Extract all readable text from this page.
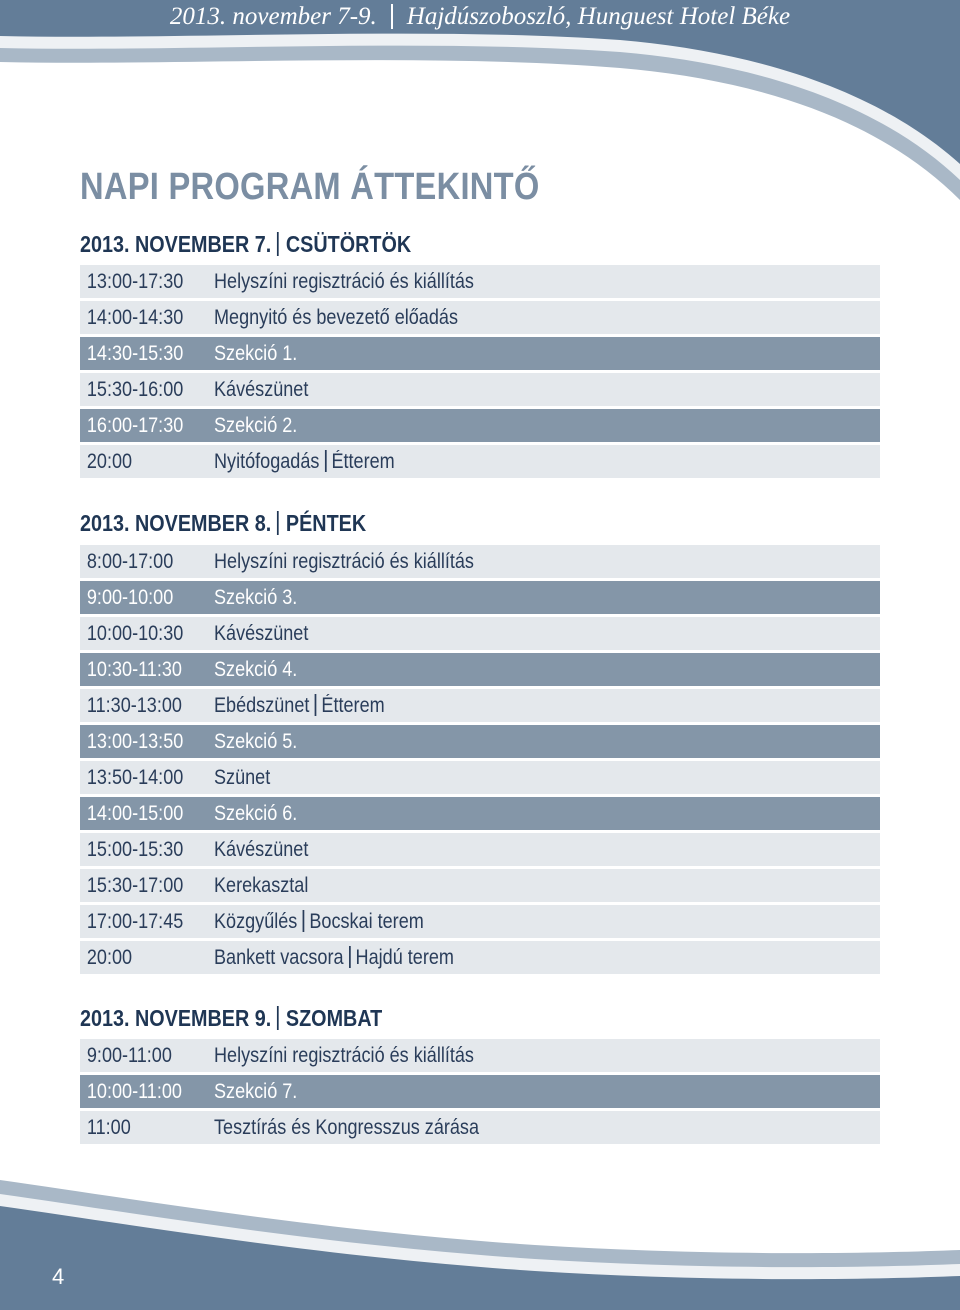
2013. november 7-9. Hajdúszoboszló, Hunguest Hotel Béke
NAPI PROGRAM ÁTTEKINTŐ
2013. NOVEMBER 7. CSÜTÖRTÖK
13:00-17:30	Helyszíni regisztráció és kiállítás
14:00-14:30	Megnyitó és bevezető előadás
14:30-15:30	Szekció 1.
15:30-16:00	Kávészünet
16:00-17:30	Szekció 2.
20:00	Nyitófogadás Étterem
2013. NOVEMBER 8. PÉNTEK
8:00-17:00	Helyszíni regisztráció és kiállítás
9:00-10:00	Szekció 3.
10:00-10:30	Kávészünet
10:30-11:30	Szekció 4.
11:30-13:00	Ebédszünet Étterem
13:00-13:50	Szekció 5.
13:50-14:00	Szünet
14:00-15:00	Szekció 6.
15:00-15:30	Kávészünet
15:30-17:00	Kerekasztal
17:00-17:45	Közgyűlés Bocskai terem
20:00	Bankett vacsora Hajdú terem
2013. NOVEMBER 9. SZOMBAT
9:00-11:00	Helyszíni regisztráció és kiállítás
10:00-11:00	Szekció 7.
11:00	Tesztírás és Kongresszus zárása
4
